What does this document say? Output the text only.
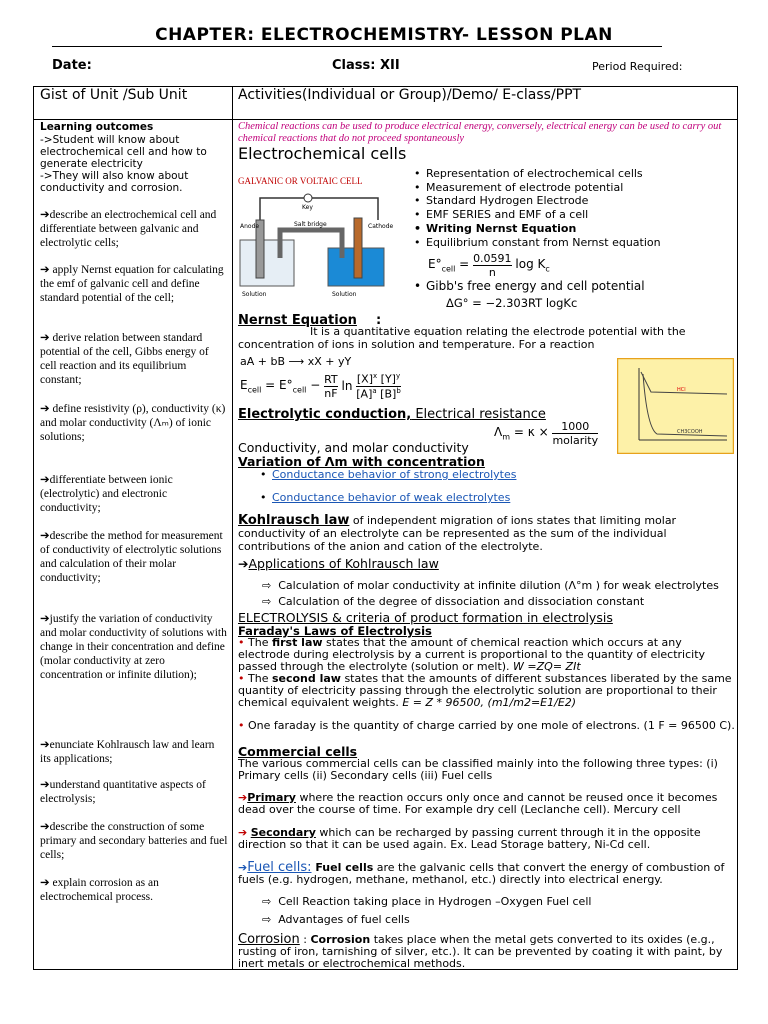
CHAPTER: ELECTROCHEMISTRY- LESSON PLAN
Date:	Class: XII	Period Required:
Gist of Unit /Sub Unit	Activities(Individual or Group)/Demo/ E-class/PPT
Learning outcomes
->Student will know about electrochemical cell and how to generate electricity
->They will also know about conductivity and corrosion.
➔describe an electrochemical cell and differentiate between galvanic and electrolytic cells;
➔ apply Nernst equation for calculating the emf of galvanic cell and define standard potential of the cell;
➔ derive relation between standard potential of the cell, Gibbs energy of cell reaction and its equilibrium constant;
➔ define resistivity (ρ), conductivity (κ) and molar conductivity (Λₘ) of ionic solutions;
➔differentiate between ionic (electrolytic) and electronic conductivity;
➔describe the method for measurement of conductivity of electrolytic solutions and calculation of their molar conductivity;
➔justify the variation of conductivity and molar conductivity of solutions with change in their concentration and define (molar conductivity at zero concentration or infinite dilution);
➔enunciate Kohlrausch law and learn its applications;
➔understand quantitative aspects of electrolysis;
➔describe the construction of some primary and secondary batteries and fuel cells;
➔ explain corrosion as an electrochemical process.
Chemical reactions can be used to produce electrical energy, conversely, electrical energy can be used to carry out chemical reactions that do not proceed spontaneously
Electrochemical cells
GALVANIC OR VOLTAIC CELL
Key
Salt bridge	Cathode
Anode
Solution	Solution
• Representation of electrochemical cells
• Measurement of electrode potential
• Standard Hydrogen Electrode
• EMF SERIES and EMF of a cell
• Writing Nernst Equation
• Equilibrium constant from Nernst equation
$E^\circ_{cell} = \frac{0.0591}{n}$ $\log K_c$
• Gibb's free energy and cell potential
ΔG° = −2.303RT logKc
Nernst Equation :
It is a quantitative equation relating the electrode potential with the concentration of ions in solution and temperature. For a reaction
aA + bB ⟶ xX + yY
$E_{cell} = E^\circ_{cell} - \frac{RT}{nF}$ $\ln \frac{[X]^x [Y]^y}{[A]^a [B]^b}$	HCl
CH3COOH
Electrolytic conduction, Electrical resistance
Conductivity, and molar conductivity
$\Lambda_m = \kappa$ ×	1000
molarity
Variation of Λm with concentration
• Conductance behavior of strong electrolytes
• Conductance behavior of weak electrolytes
Kohlrausch law of independent migration of ions states that limiting molar conductivity of an electrolyte can be represented as the sum of the individual contributions of the anion and cation of the electrolyte.
➔Applications of Kohlrausch law
⇨  Calculation of molar conductivity at infinite dilution (Λ°m ) for weak electrolytes
⇨  Calculation of the degree of dissociation and dissociation constant
ELECTROLYSIS & criteria of product formation in electrolysis
Faraday's Laws of Electrolysis
• The first law states that the amount of chemical reaction which occurs at any electrode during electrolysis by a current is proportional to the quantity of electricity passed through the electrolyte (solution or melt). W =ZQ= ZIt
• The second law states that the amounts of different substances liberated by the same quantity of electricity passing through the electrolytic solution are proportional to their chemical equivalent weights. E = Z * 96500, (m1/m2=E1/E2)
• One faraday is the quantity of charge carried by one mole of electrons. (1 F = 96500 C).
Commercial cells
The various commercial cells can be classified mainly into the following three types: (i) Primary cells (ii) Secondary cells (iii) Fuel cells
➔Primary where the reaction occurs only once and cannot be reused once it becomes dead over the course of time. For example dry cell (Leclanche cell). Mercury cell
➔ Secondary which can be recharged by passing current through it in the opposite direction so that it can be used again. Ex. Lead Storage battery, Ni-Cd cell.
➔Fuel cells: Fuel cells are the galvanic cells that convert the energy of combustion of fuels (e.g. hydrogen, methane, methanol, etc.) directly into electrical energy.
⇨  Cell Reaction taking place in Hydrogen –Oxygen Fuel cell
⇨  Advantages of fuel cells
Corrosion : Corrosion takes place when the metal gets converted to its oxides (e.g., rusting of iron, tarnishing of silver, etc.). It can be prevented by coating it with paint, by inert metals or electrochemical methods.
